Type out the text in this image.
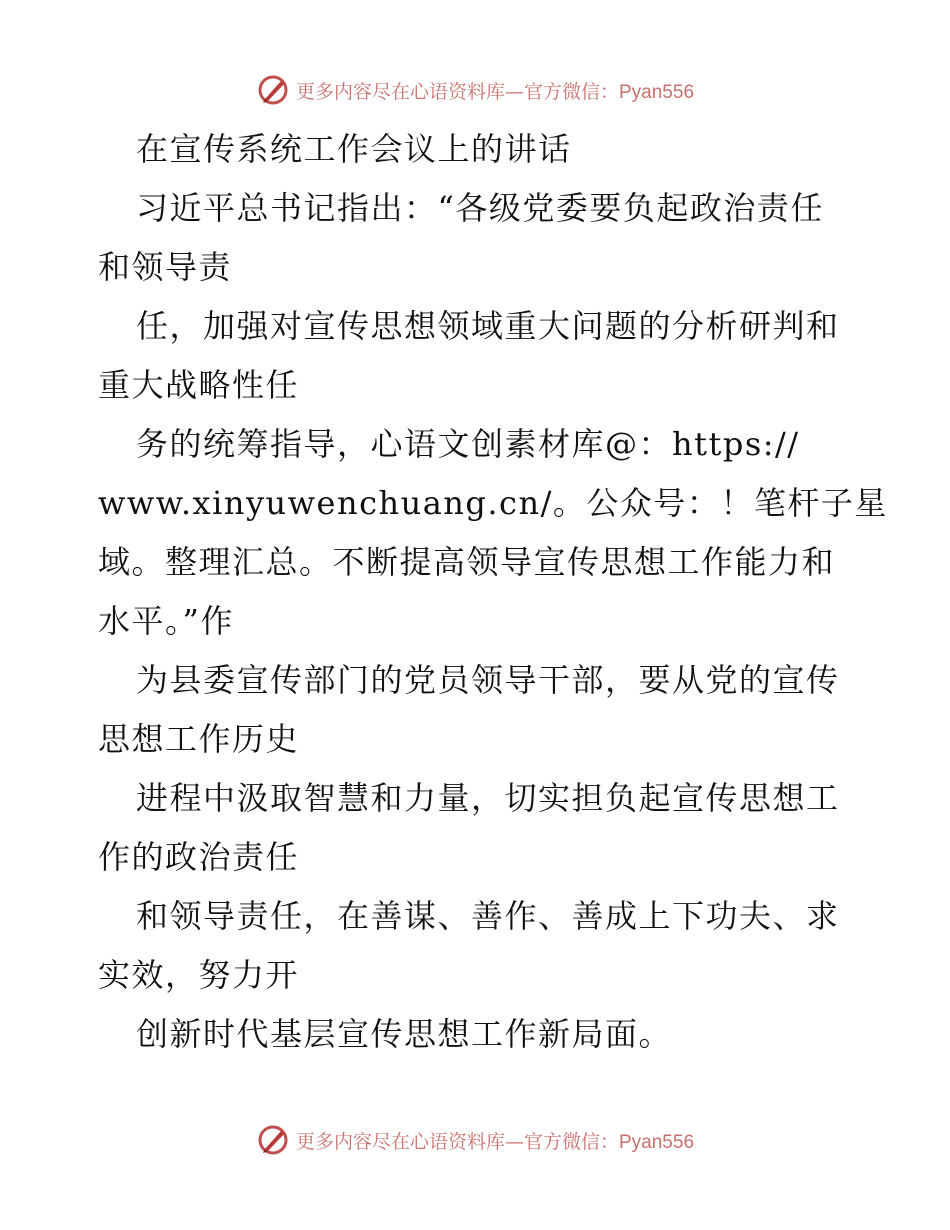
更多内容尽在心语资料库—官方微信：Pyan556
在宣传系统工作会议上的讲话
习近平总书记指出：“各级党委要负起政治责任
和领导责
任，加强对宣传思想领域重大问题的分析研判和
重大战略性任
务的统筹指导，心语文创素材库@：https://
www.xinyuwenchuang.cn/。公众号：！笔杆子星
域。整理汇总。不断提高领导宣传思想工作能力和
水平。”作
为县委宣传部门的党员领导干部，要从党的宣传
思想工作历史
进程中汲取智慧和力量，切实担负起宣传思想工
作的政治责任
和领导责任，在善谋、善作、善成上下功夫、求
实效，努力开
创新时代基层宣传思想工作新局面。
更多内容尽在心语资料库—官方微信：Pyan556
